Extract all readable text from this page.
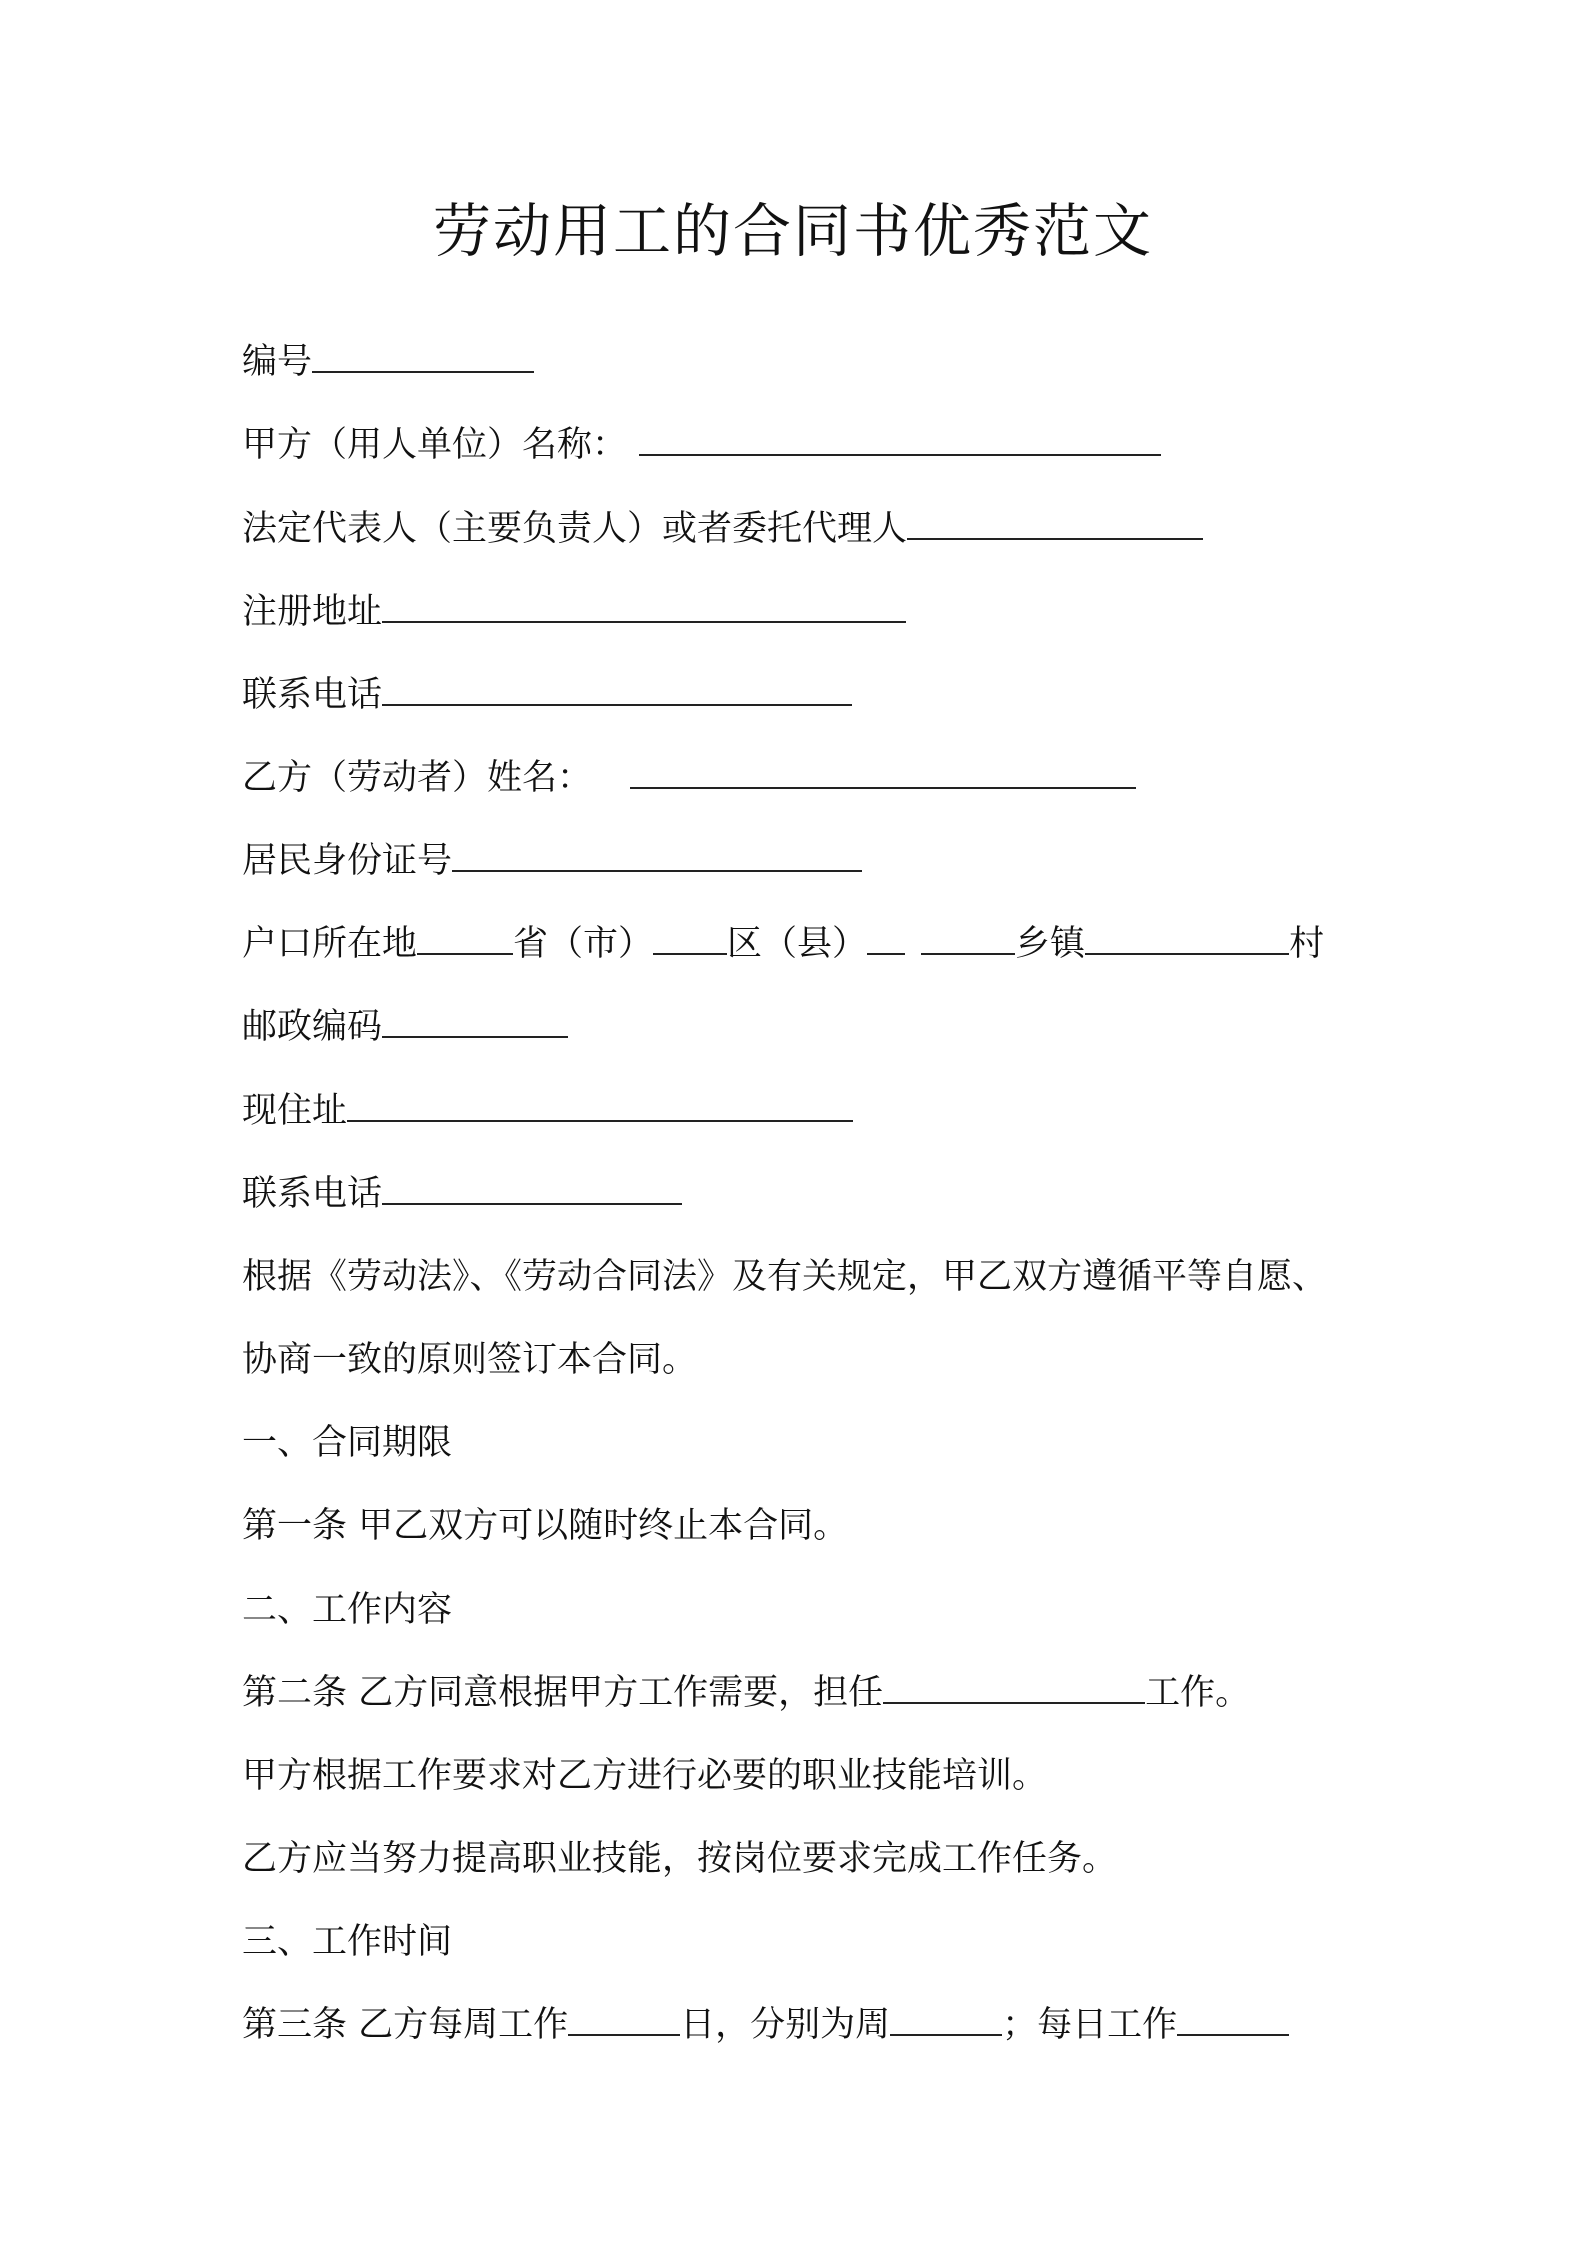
劳动用工的合同书优秀范文
编号
甲方（用人单位）名称：
法定代表人（主要负责人）或者委托代理人
注册地址
联系电话
乙方（劳动者）姓名：
居民身份证号
户口所在地	省（市） 区（县）	乡镇	村
邮政编码
现住址
联系电话
根据《劳动法》、《劳动合同法》及有关规定，甲乙双方遵循平等自愿、
协商一致的原则签订本合同。
一、合同期限
第一条 甲乙双方可以随时终止本合同。
二、工作内容
第二条 乙方同意根据甲方工作需要，担任	工作。
甲方根据工作要求对乙方进行必要的职业技能培训。
乙方应当努力提高职业技能，按岗位要求完成工作任务。
三、工作时间
第三条 乙方每周工作	日，分别为周	；每日工作
